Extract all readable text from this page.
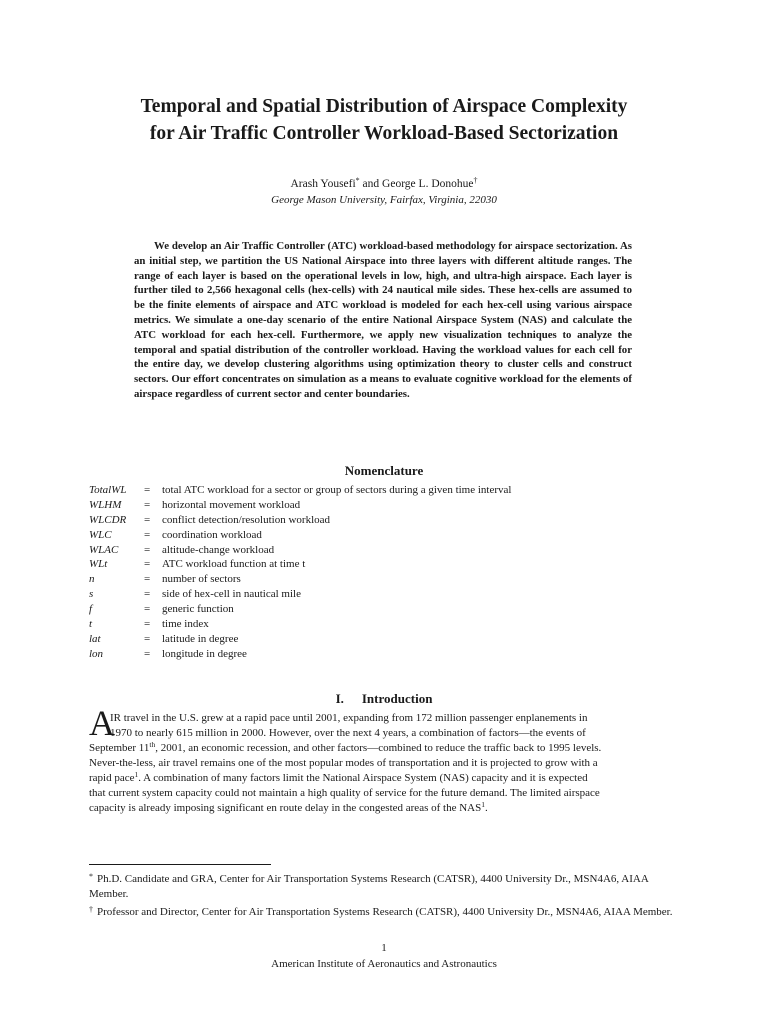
Temporal and Spatial Distribution of Airspace Complexity
for Air Traffic Controller Workload-Based Sectorization
Arash Yousefi* and George L. Donohue†
George Mason University, Fairfax, Virginia, 22030
We develop an Air Traffic Controller (ATC) workload-based methodology for airspace sectorization. As an initial step, we partition the US National Airspace into three layers with different altitude ranges. The range of each layer is based on the operational levels in low, high, and ultra-high airspace. Each layer is further tiled to 2,566 hexagonal cells (hex-cells) with 24 nautical mile sides. These hex-cells are assumed to be the finite elements of airspace and ATC workload is modeled for each hex-cell using various airspace metrics. We simulate a one-day scenario of the entire National Airspace System (NAS) and calculate the ATC workload for each hex-cell. Furthermore, we apply new visualization techniques to analyze the temporal and spatial distribution of the controller workload. Having the workload values for each cell for the entire day, we develop clustering algorithms using optimization theory to cluster cells and construct sectors. Our effort concentrates on simulation as a means to evaluate cognitive workload for the elements of airspace regardless of current sector and center boundaries.
Nomenclature
TotalWL = total ATC workload for a sector or group of sectors during a given time interval
WLHM = horizontal movement workload
WLCDR = conflict detection/resolution workload
WLC	= coordination workload
WLAC = altitude-change workload
WLt	= ATC workload function at time t
n	= number of sectors
s	= side of hex-cell in nautical mile
f	= generic function
t	= time index
lat	= latitude in degree
lon	= longitude in degree
I. Introduction
A
IR travel in the U.S. grew at a rapid pace until 2001, expanding from 172 million passenger enplanements in
1970 to nearly 615 million in 2000. However, over the next 4 years, a combination of factors—the events of
September 11th, 2001, an economic recession, and other factors—combined to reduce the traffic back to 1995 levels.
Never-the-less, air travel remains one of the most popular modes of transportation and it is projected to grow with a
rapid pace$^1$. A combination of many factors limit the National Airspace System (NAS) capacity and it is expected
that current system capacity could not maintain a high quality of service for the future demand. The limited airspace
capacity is already imposing significant en route delay in the congested areas of the NAS$^1$.
* Ph.D. Candidate and GRA, Center for Air Transportation Systems Research (CATSR), 4400 University Dr., MSN4A6, AIAA Member.
† Professor and Director, Center for Air Transportation Systems Research (CATSR), 4400 University Dr., MSN4A6, AIAA Member.
1
American Institute of Aeronautics and Astronautics
